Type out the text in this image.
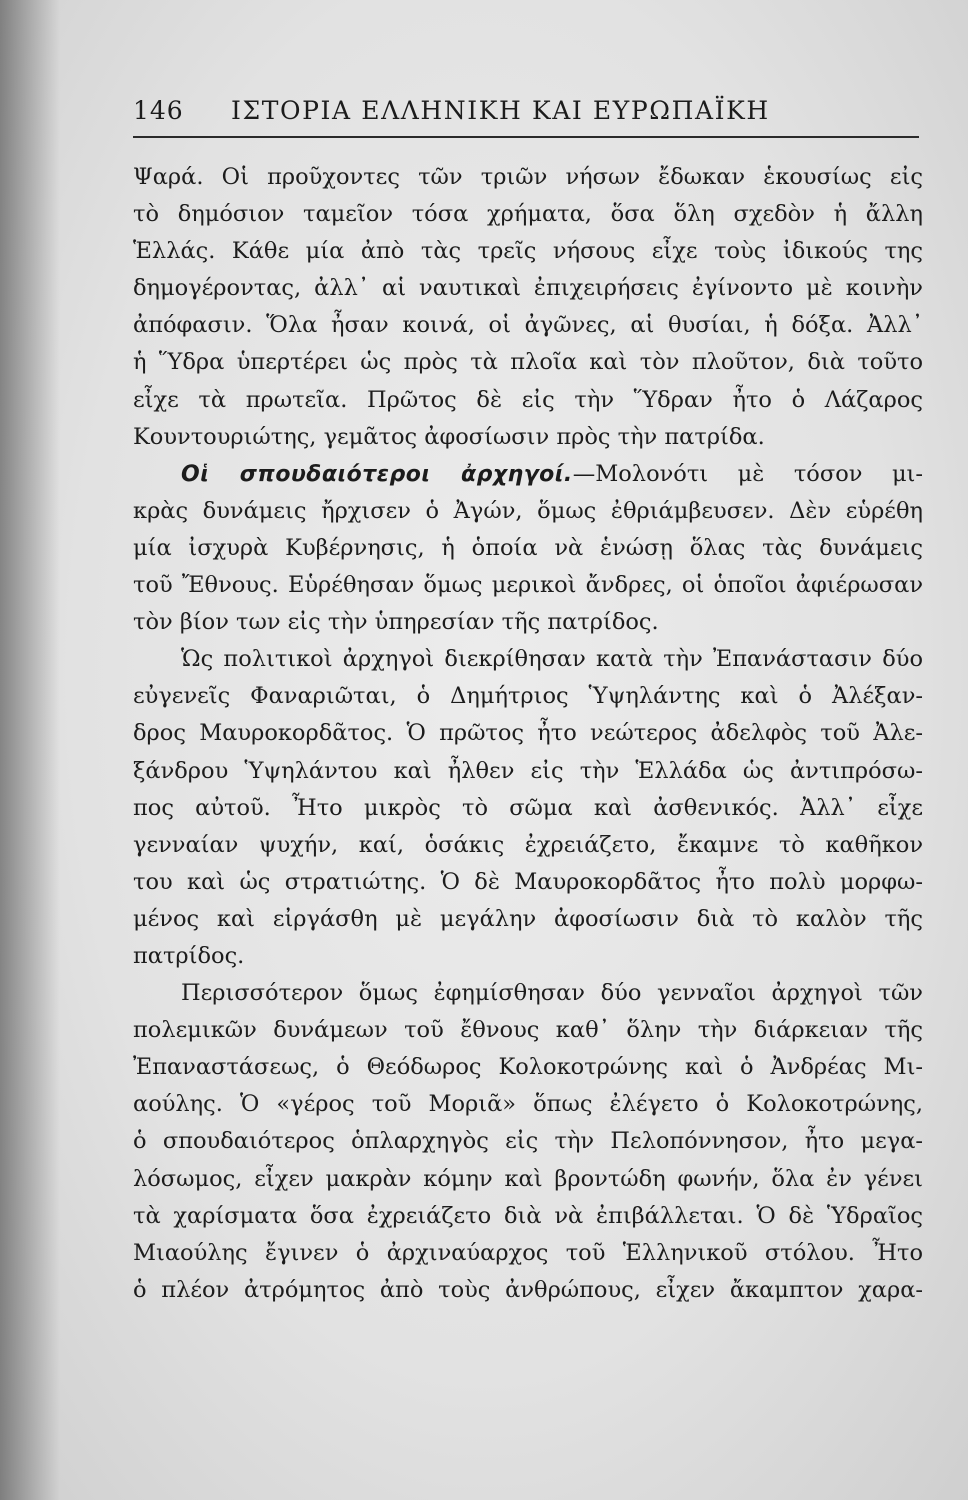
146 ΙΣΤΟΡΙΑ ΕΛΛΗΝΙΚΗ ΚΑΙ ΕΥΡΩΠΑΪΚΗ
Ψαρά. Οἱ προῦχοντες τῶν τριῶν νήσων ἔδωκαν ἑκουσίως εἰς
τὸ δημόσιον ταμεῖον τόσα χρήματα, ὅσα ὅλη σχεδὸν ἡ ἄλλη
Ἑλλάς. Κάθε μία ἀπὸ τὰς τρεῖς νήσους εἶχε τοὺς ἰδικούς της
δημογέροντας, ἀλλ᾽ αἱ ναυτικαὶ ἐπιχειρήσεις ἐγίνοντο μὲ κοινὴν
ἀπόφασιν. Ὅλα ἦσαν κοινά, οἱ ἀγῶνες, αἱ θυσίαι, ἡ δόξα. Ἀλλ᾽
ἡ Ὕδρα ὑπερτέρει ὡς πρὸς τὰ πλοῖα καὶ τὸν πλοῦτον, διὰ τοῦτο
εἶχε τὰ πρωτεῖα. Πρῶτος δὲ εἰς τὴν Ὕδραν ἦτο ὁ Λάζαρος
Κουντουριώτης, γεμᾶτος ἀφοσίωσιν πρὸς τὴν πατρίδα.
Οἱ σπουδαιότεροι ἀρχηγοί.—Μολονότι μὲ τόσον μι-
κρὰς δυνάμεις ἤρχισεν ὁ Ἀγών, ὅμως ἐθριάμβευσεν. Δὲν εὑρέθη
μία ἰσχυρὰ Κυβέρνησις, ἡ ὁποία νὰ ἑνώσῃ ὅλας τὰς δυνάμεις
τοῦ Ἔθνους. Εὑρέθησαν ὅμως μερικοὶ ἄνδρες, οἱ ὁποῖοι ἀφιέρωσαν
τὸν βίον των εἰς τὴν ὑπηρεσίαν τῆς πατρίδος.
Ὡς πολιτικοὶ ἀρχηγοὶ διεκρίθησαν κατὰ τὴν Ἐπανάστασιν δύο
εὐγενεῖς Φαναριῶται, ὁ Δημήτριος Ὑψηλάντης καὶ ὁ Ἀλέξαν-
δρος Μαυροκορδᾶτος. Ὁ πρῶτος ἦτο νεώτερος ἀδελφὸς τοῦ Ἀλε-
ξάνδρου Ὑψηλάντου καὶ ἦλθεν εἰς τὴν Ἑλλάδα ὡς ἀντιπρόσω-
πος αὐτοῦ. Ἦτο μικρὸς τὸ σῶμα καὶ ἀσθενικός. Ἀλλ᾽ εἶχε
γενναίαν ψυχήν, καί, ὁσάκις ἐχρειάζετο, ἔκαμνε τὸ καθῆκον
του καὶ ὡς στρατιώτης. Ὁ δὲ Μαυροκορδᾶτος ἦτο πολὺ μορφω-
μένος καὶ εἰργάσθη μὲ μεγάλην ἀφοσίωσιν διὰ τὸ καλὸν τῆς
πατρίδος.
Περισσότερον ὅμως ἐφημίσθησαν δύο γενναῖοι ἀρχηγοὶ τῶν
πολεμικῶν δυνάμεων τοῦ ἔθνους καθ᾽ ὅλην τὴν διάρκειαν τῆς
Ἐπαναστάσεως, ὁ Θεόδωρος Κολοκοτρώνης καὶ ὁ Ἀνδρέας Μι-
αούλης. Ὁ «γέρος τοῦ Μοριᾶ» ὅπως ἐλέγετο ὁ Κολοκοτρώνης,
ὁ σπουδαιότερος ὁπλαρχηγὸς εἰς τὴν Πελοπόννησον, ἦτο μεγα-
λόσωμος, εἶχεν μακρὰν κόμην καὶ βροντώδη φωνήν, ὅλα ἐν γένει
τὰ χαρίσματα ὅσα ἐχρειάζετο διὰ νὰ ἐπιβάλλεται. Ὁ δὲ Ὑδραῖος
Μιαούλης ἔγινεν ὁ ἀρχιναύαρχος τοῦ Ἑλληνικοῦ στόλου. Ἦτο
ὁ πλέον ἀτρόμητος ἀπὸ τοὺς ἀνθρώπους, εἶχεν ἄκαμπτον χαρα-
